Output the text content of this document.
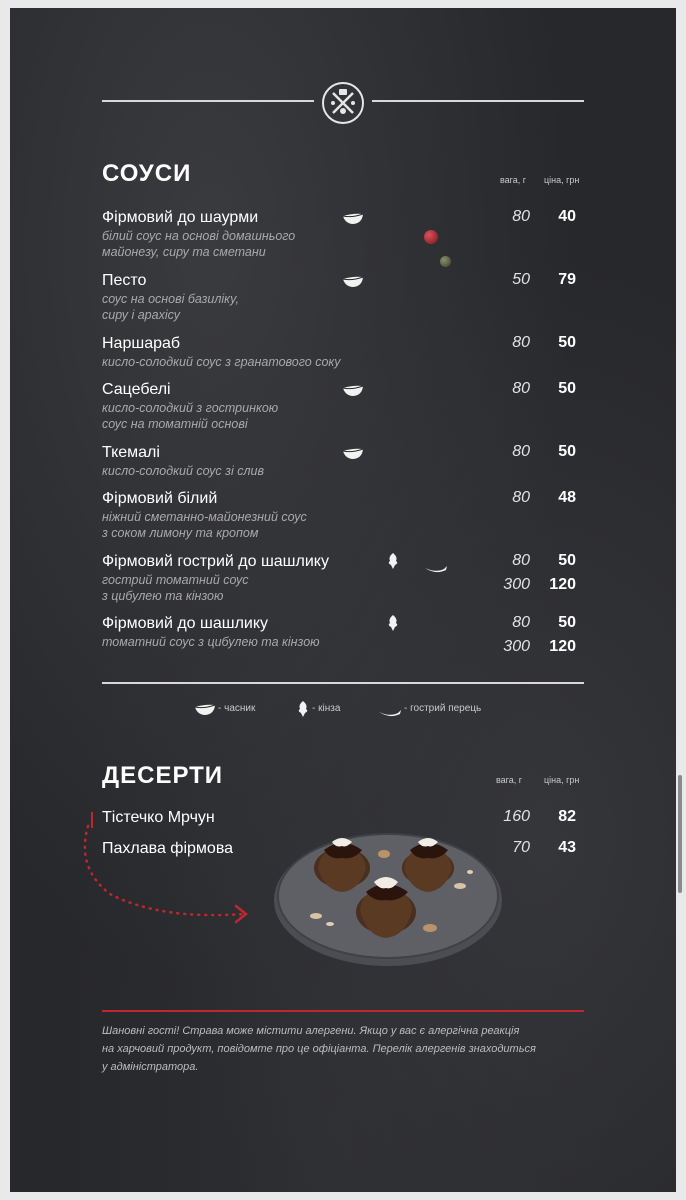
СОУСИ	вага, г ціна, грн
Фірмовий до шаурми
білий соус на основі домашнього
майонезу, сиру та сметани
80	40
Песто
соус на основі базиліку,
сиру і арахісу
50	79
Наршараб
кисло-солодкий соус з гранатового соку
80	50
Сацебелі
кисло-солодкий з гостринкою
соус на томатній основі
80	50
Ткемалі
кисло-солодкий соус зі слив
80	50
Фірмовий білий
ніжний сметанно-майонезний соус
з соком лимону та кропом
80	48
Фірмовий гострий до шашлику
гострий томатний соус
з цибулею та кінзою
80	50
300	120
Фірмовий до шашлику
томатний соус з цибулею та кінзою
80	50
300	120
- часник	- кінза	- гострий перець
ДЕСЕРТИ	вага, г ціна, грн
Тістечко Мрчун	160	82
Пахлава фірмова	70	43
Шановні гості! Страва може містити алергени. Якщо у вас є алергічна реакція
на харчовий продукт, повідомте про це офіціанта. Перелік алергенів знаходиться
у адміністратора.
